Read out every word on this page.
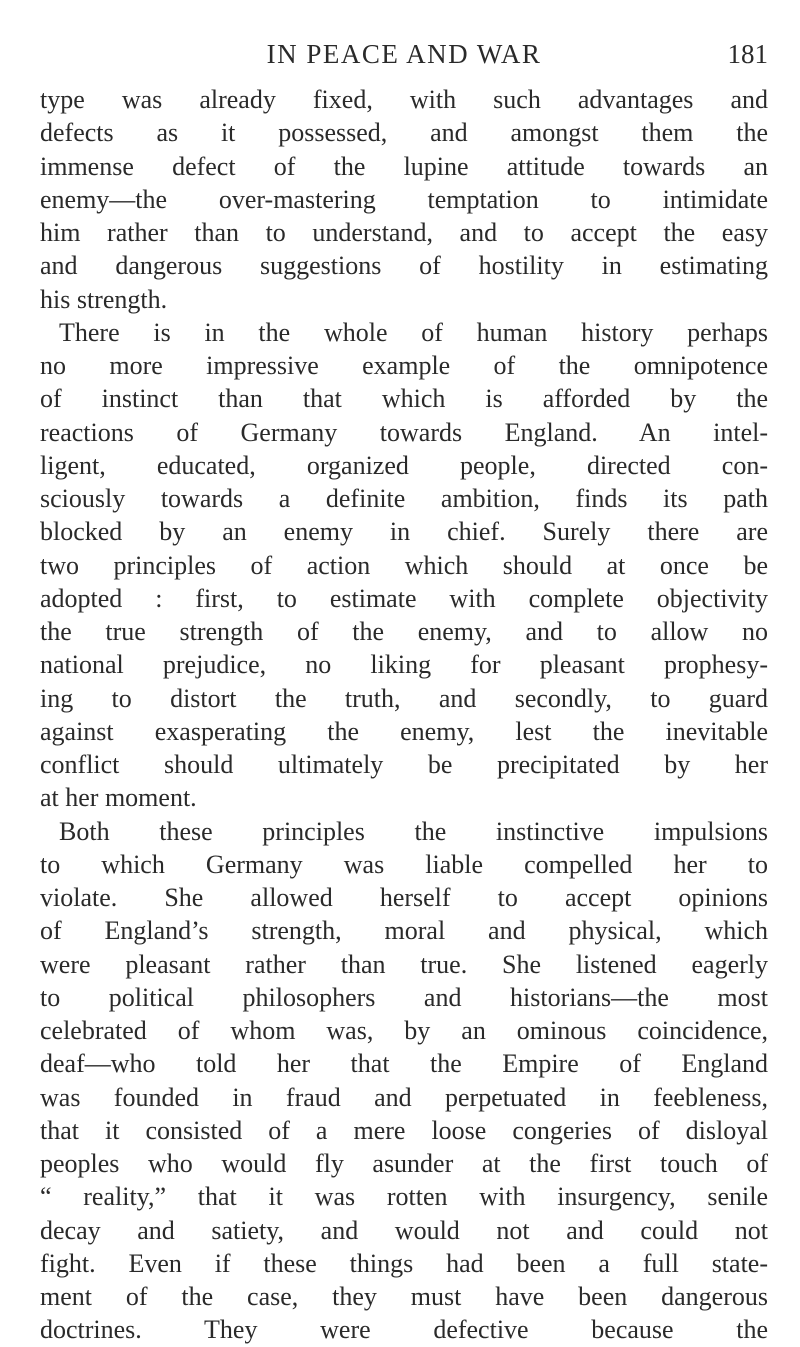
IN PEACE AND WAR	181
type was already fixed, with such advantages and
defects as it possessed, and amongst them the
immense defect of the lupine attitude towards an
enemy—the over-mastering temptation to intimidate
him rather than to understand, and to accept the easy
and dangerous suggestions of hostility in estimating
his strength.
There is in the whole of human history perhaps
no more impressive example of the omnipotence
of instinct than that which is afforded by the
reactions of Germany towards England. An intel-
ligent, educated, organized people, directed con-
sciously towards a definite ambition, finds its path
blocked by an enemy in chief. Surely there are
two principles of action which should at once be
adopted : first, to estimate with complete objectivity
the true strength of the enemy, and to allow no
national prejudice, no liking for pleasant prophesy-
ing to distort the truth, and secondly, to guard
against exasperating the enemy, lest the inevitable
conflict should ultimately be precipitated by her
at her moment.
Both these principles the instinctive impulsions
to which Germany was liable compelled her to
violate. She allowed herself to accept opinions
of England’s strength, moral and physical, which
were pleasant rather than true. She listened eagerly
to political philosophers and historians—the most
celebrated of whom was, by an ominous coincidence,
deaf—who told her that the Empire of England
was founded in fraud and perpetuated in feebleness,
that it consisted of a mere loose congeries of disloyal
peoples who would fly asunder at the first touch of
“ reality,” that it was rotten with insurgency, senile
decay and satiety, and would not and could not
fight. Even if these things had been a full state-
ment of the case, they must have been dangerous
doctrines. They were defective because the
